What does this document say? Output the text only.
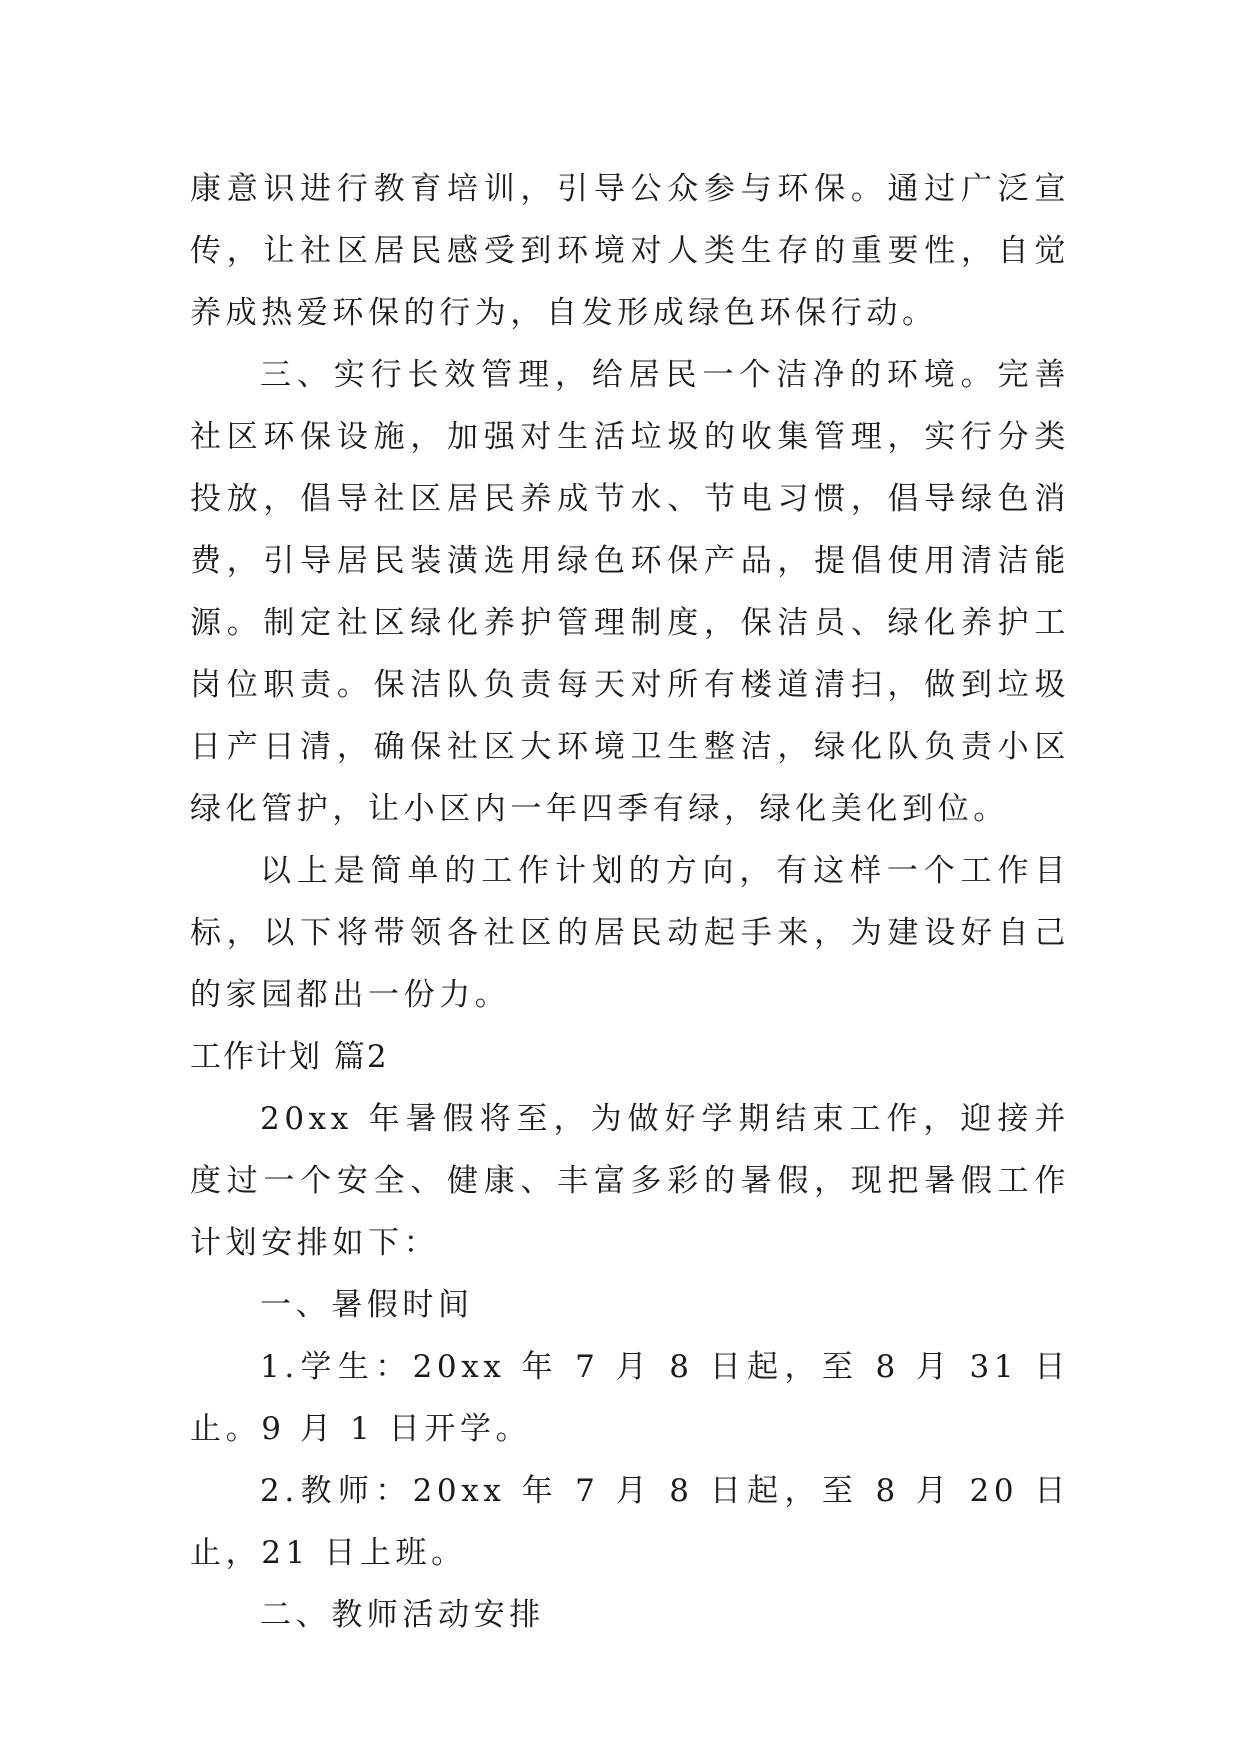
康意识进行教育培训，引导公众参与环保。通过广泛宣传，让社区居民感受到环境对人类生存的重要性，自觉养成热爱环保的行为，自发形成绿色环保行动。

三、实行长效管理，给居民一个洁净的环境。完善社区环保设施，加强对生活垃圾的收集管理，实行分类投放，倡导社区居民养成节水、节电习惯，倡导绿色消费，引导居民装潢选用绿色环保产品，提倡使用清洁能源。制定社区绿化养护管理制度，保洁员、绿化养护工岗位职责。保洁队负责每天对所有楼道清扫，做到垃圾日产日清，确保社区大环境卫生整洁，绿化队负责小区绿化管护，让小区内一年四季有绿，绿化美化到位。

以上是简单的工作计划的方向，有这样一个工作目标，以下将带领各社区的居民动起手来，为建设好自己的家园都出一份力。

工作计划 篇2

20xx 年暑假将至，为做好学期结束工作，迎接并度过一个安全、健康、丰富多彩的暑假，现把暑假工作计划安排如下：

一、暑假时间

1.学生：20xx 年 7 月 8 日起，至 8 月 31 日止。9 月 1 日开学。

2.教师：20xx 年 7 月 8 日起，至 8 月 20 日止，21 日上班。

二、教师活动安排
